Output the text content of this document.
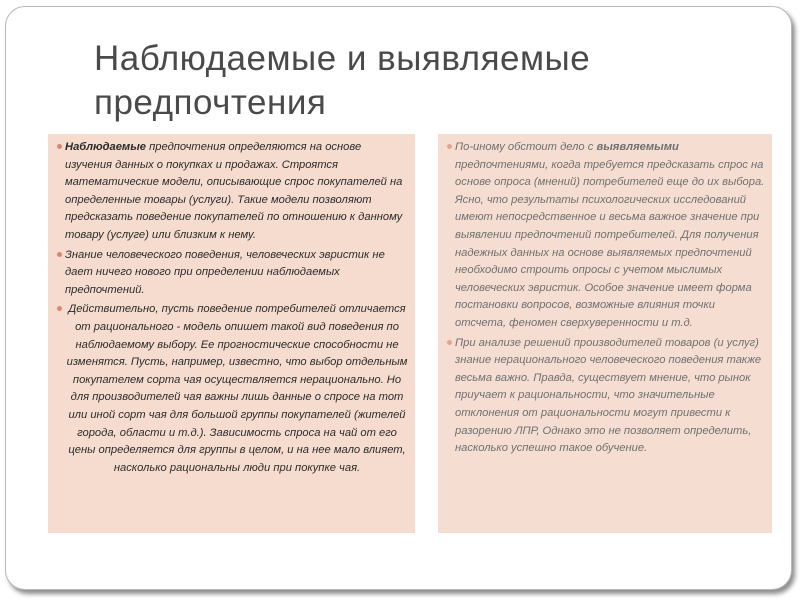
Наблюдаемые и выявляемые предпочтения

Наблюдаемые предпочтения определяются на основе изучения данных о покупках и продажах. Строятся математические модели, описывающие спрос покупателей на определенные товары (услуги). Такие модели позволяют предсказать поведение покупателей по отношению к данному товару (услуге) или близким к нему.

Знание человеческого поведения, человеческих эвристик не дает ничего нового при определении наблюдаемых предпочтений.

Действительно, пусть поведение потребителей отличается от рационального - модель опишет такой вид поведения по наблюдаемому выбору. Ее прогностические способности не изменятся. Пусть, например, известно, что выбор отдельным покупателем сорта чая осуществляется нерационально. Но для производителей чая важны лишь данные о спросе на тот или иной сорт чая для большой группы покупателей (жителей города, области и т.д.). Зависимость спроса на чай от его цены определяется для группы в целом, и на нее мало влияет, насколько рациональны люди при покупке чая.

По-иному обстоит дело с выявляемыми предпочтениями, когда требуется предсказать спрос на основе опроса (мнений) потребителей еще до их выбора. Ясно, что результаты психологических исследований имеют непосредственное и весьма важное значение при выявлении предпочтений потребителей. Для получения надежных данных на основе выявляемых предпочтений необходимо строить опросы с учетом мыслимых человеческих эвристик. Особое значение имеет форма постановки вопросов, возможные влияния точки отсчета, феномен сверхуверенности и т.д.

При анализе решений производителей товаров (и услуг) знание нерационального человеческого поведения также весьма важно. Правда, существует мнение, что рынок приучает к рациональности, что значительные отклонения от рациональности могут привести к разорению ЛПР, Однако это не позволяет определить, насколько успешно такое обучение.
